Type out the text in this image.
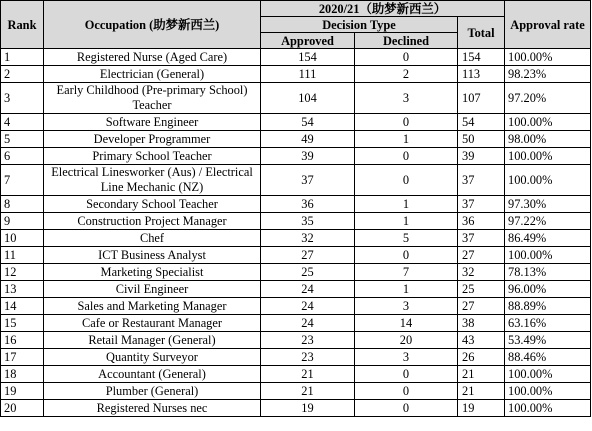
Rank	Occupation (助梦新西兰)	2020/21（助梦新西兰）			Approval rate
		Decision Type		Total	
		Approved	Declined		
1	Registered Nurse (Aged Care)	154	0	154	100.00%
2	Electrician (General)	111	2	113	98.23%
3	Early Childhood (Pre-primary School) Teacher	104	3	107	97.20%
4	Software Engineer	54	0	54	100.00%
5	Developer Programmer	49	1	50	98.00%
6	Primary School Teacher	39	0	39	100.00%
7	Electrical Linesworker (Aus) / Electrical Line Mechanic (NZ)	37	0	37	100.00%
8	Secondary School Teacher	36	1	37	97.30%
9	Construction Project Manager	35	1	36	97.22%
10	Chef	32	5	37	86.49%
11	ICT Business Analyst	27	0	27	100.00%
12	Marketing Specialist	25	7	32	78.13%
13	Civil Engineer	24	1	25	96.00%
14	Sales and Marketing Manager	24	3	27	88.89%
15	Cafe or Restaurant Manager	24	14	38	63.16%
16	Retail Manager (General)	23	20	43	53.49%
17	Quantity Surveyor	23	3	26	88.46%
18	Accountant (General)	21	0	21	100.00%
19	Plumber (General)	21	0	21	100.00%
20	Registered Nurses nec	19	0	19	100.00%
